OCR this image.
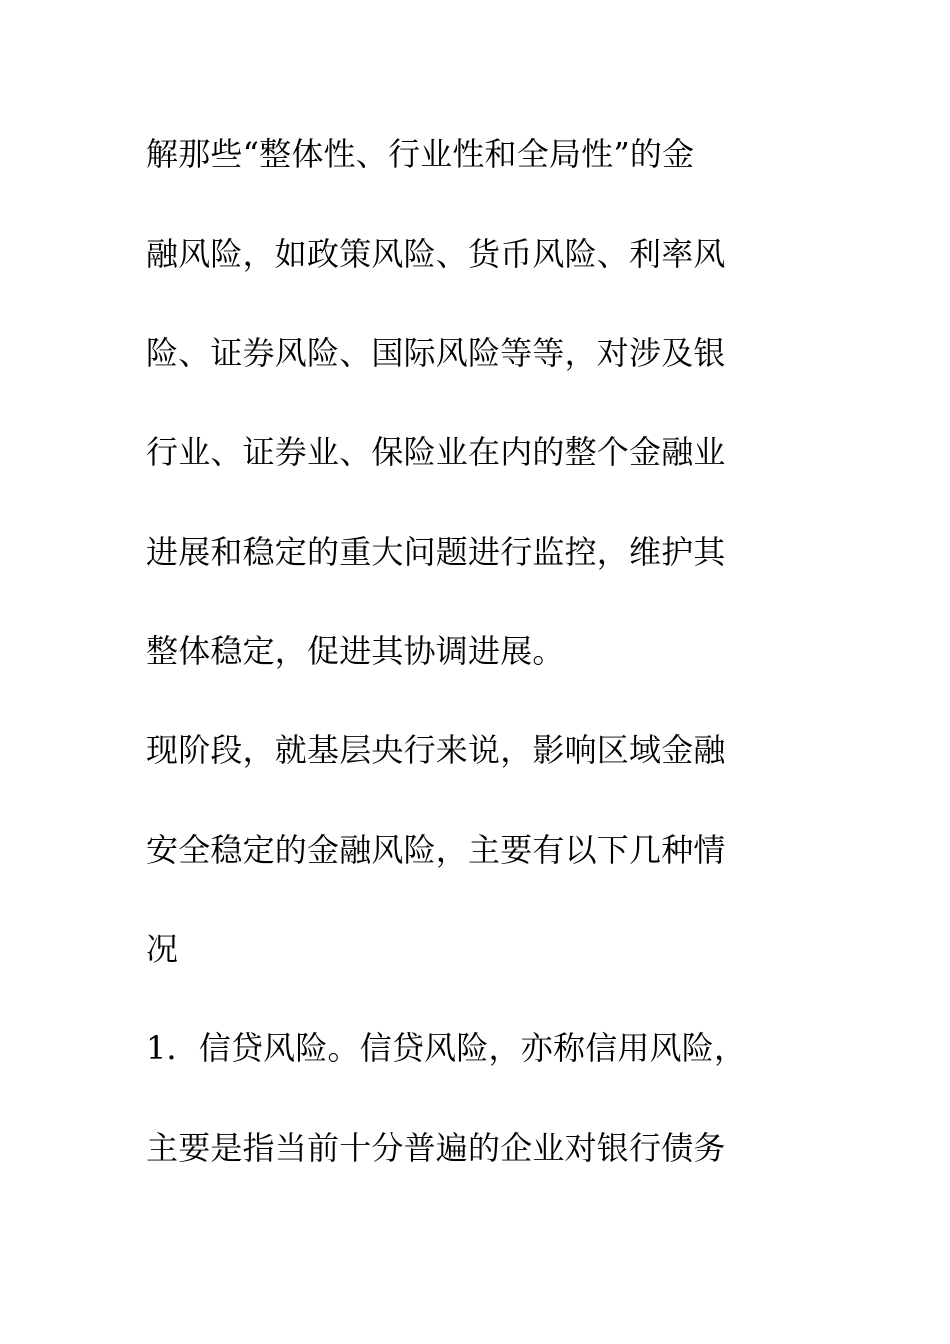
解那些“整体性、行业性和全局性”的金

融风险，如政策风险、货币风险、利率风

险、证券风险、国际风险等等，对涉及银

行业、证券业、保险业在内的整个金融业

进展和稳定的重大问题进行监控，维护其

整体稳定，促进其协调进展。

现阶段，就基层央行来说，影响区域金融

安全稳定的金融风险，主要有以下几种情

况

1．信贷风险。信贷风险，亦称信用风险，

主要是指当前十分普遍的企业对银行债务
